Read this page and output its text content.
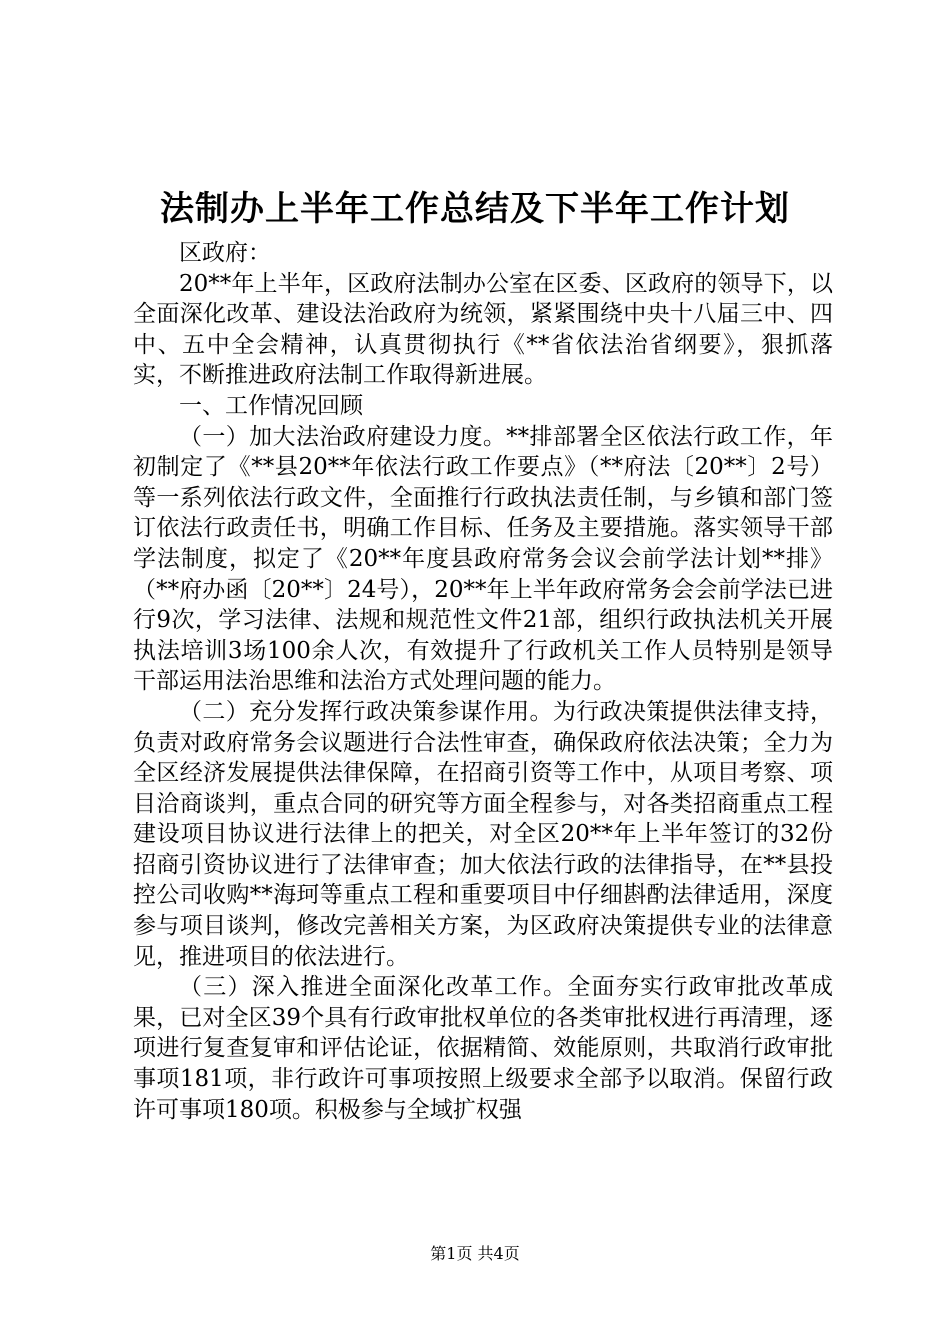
法制办上半年工作总结及下半年工作计划

区政府：

20**年上半年，区政府法制办公室在区委、区政府的领导下，以全面深化改革、建设法治政府为统领，紧紧围绕中央十八届三中、四中、五中全会精神，认真贯彻执行《**省依法治省纲要》，狠抓落实，不断推进政府法制工作取得新进展。

一、工作情况回顾

（一）加大法治政府建设力度。**排部署全区依法行政工作，年初制定了《**县20**年依法行政工作要点》（**府法〔20**〕2号）等一系列依法行政文件，全面推行行政执法责任制，与乡镇和部门签订依法行政责任书，明确工作目标、任务及主要措施。落实领导干部学法制度，拟定了《20**年度县政府常务会议会前学法计划**排》（**府办函〔20**〕24号），20**年上半年政府常务会会前学法已进行9次，学习法律、法规和规范性文件21部，组织行政执法机关开展执法培训3场100余人次，有效提升了行政机关工作人员特别是领导干部运用法治思维和法治方式处理问题的能力。

（二）充分发挥行政决策参谋作用。为行政决策提供法律支持，负责对政府常务会议题进行合法性审查，确保政府依法决策；全力为全区经济发展提供法律保障，在招商引资等工作中，从项目考察、项目洽商谈判，重点合同的研究等方面全程参与，对各类招商重点工程建设项目协议进行法律上的把关，对全区20**年上半年签订的32份招商引资协议进行了法律审查；加大依法行政的法律指导，在**县投控公司收购**海珂等重点工程和重要项目中仔细斟酌法律适用，深度参与项目谈判，修改完善相关方案，为区政府决策提供专业的法律意见，推进项目的依法进行。

（三）深入推进全面深化改革工作。全面夯实行政审批改革成果，已对全区39个具有行政审批权单位的各类审批权进行再清理，逐项进行复查复审和评估论证，依据精简、效能原则，共取消行政审批事项181项，非行政许可事项按照上级要求全部予以取消。保留行政许可事项180项。积极参与全域扩权强

第1页 共4页
